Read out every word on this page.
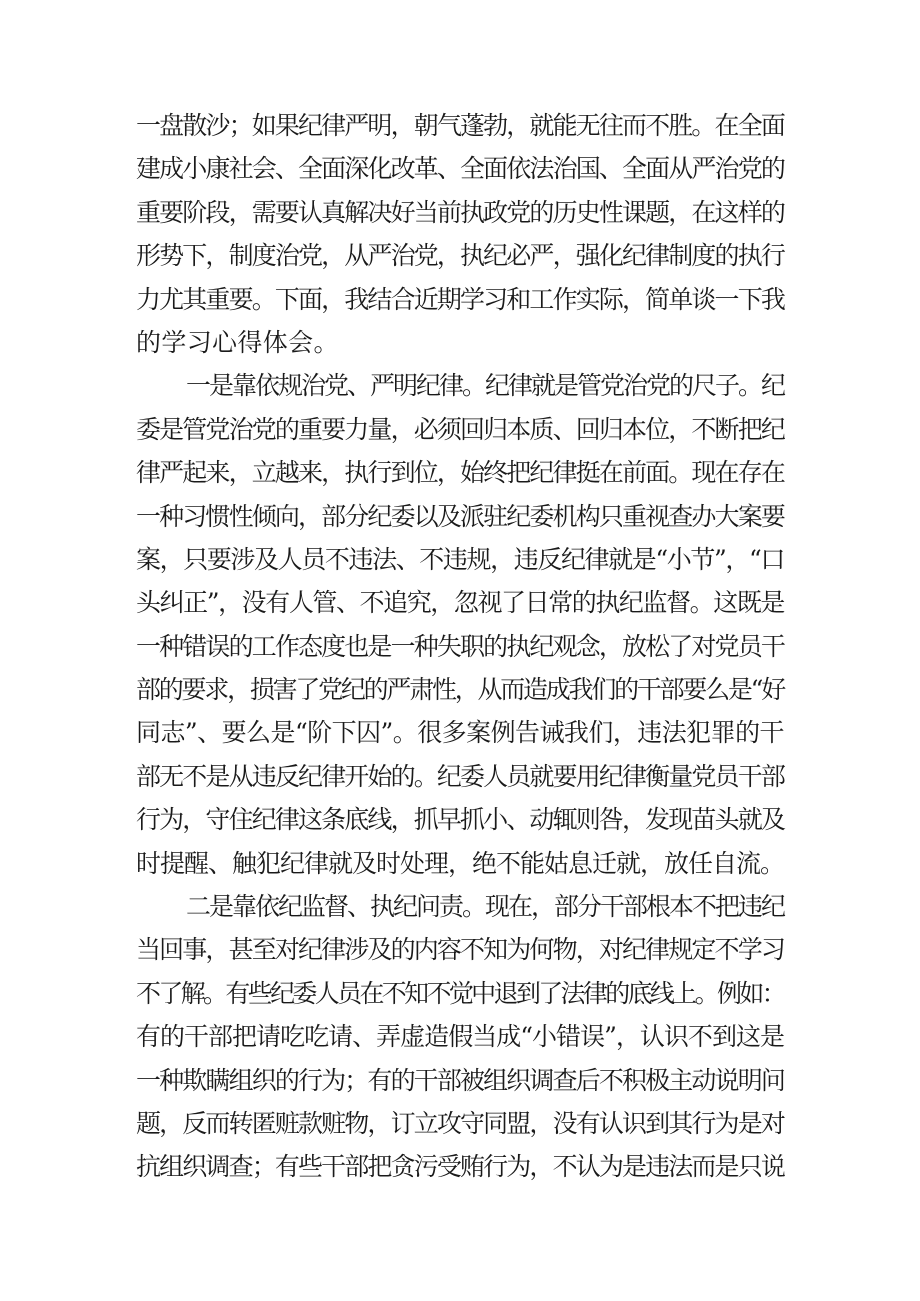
一盘散沙；如果纪律严明，朝气蓬勃，就能无往而不胜。在全面
建成小康社会、全面深化改革、全面依法治国、全面从严治党的
重要阶段，需要认真解决好当前执政党的历史性课题，在这样的
形势下，制度治党，从严治党，执纪必严，强化纪律制度的执行
力尤其重要。下面，我结合近期学习和工作实际，简单谈一下我
的学习心得体会。
一是靠依规治党、严明纪律。纪律就是管党治党的尺子。纪
委是管党治党的重要力量，必须回归本质、回归本位，不断把纪
律严起来，立越来，执行到位，始终把纪律挺在前面。现在存在
一种习惯性倾向，部分纪委以及派驻纪委机构只重视查办大案要
案，只要涉及人员不违法、不违规，违反纪律就是“小节”，“口
头纠正”，没有人管、不追究，忽视了日常的执纪监督。这既是
一种错误的工作态度也是一种失职的执纪观念，放松了对党员干
部的要求，损害了党纪的严肃性，从而造成我们的干部要么是“好
同志”、要么是“阶下囚”。很多案例告诫我们，违法犯罪的干
部无不是从违反纪律开始的。纪委人员就要用纪律衡量党员干部
行为，守住纪律这条底线，抓早抓小、动辄则咎，发现苗头就及
时提醒、触犯纪律就及时处理，绝不能姑息迁就，放任自流。
二是靠依纪监督、执纪问责。现在，部分干部根本不把违纪
当回事，甚至对纪律涉及的内容不知为何物，对纪律规定不学习
不了解。有些纪委人员在不知不觉中退到了法律的底线上。例如：
有的干部把请吃吃请、弄虚造假当成“小错误”，认识不到这是
一种欺瞒组织的行为；有的干部被组织调查后不积极主动说明问
题，反而转匿赃款赃物，订立攻守同盟，没有认识到其行为是对
抗组织调查；有些干部把贪污受贿行为，不认为是违法而是只说
